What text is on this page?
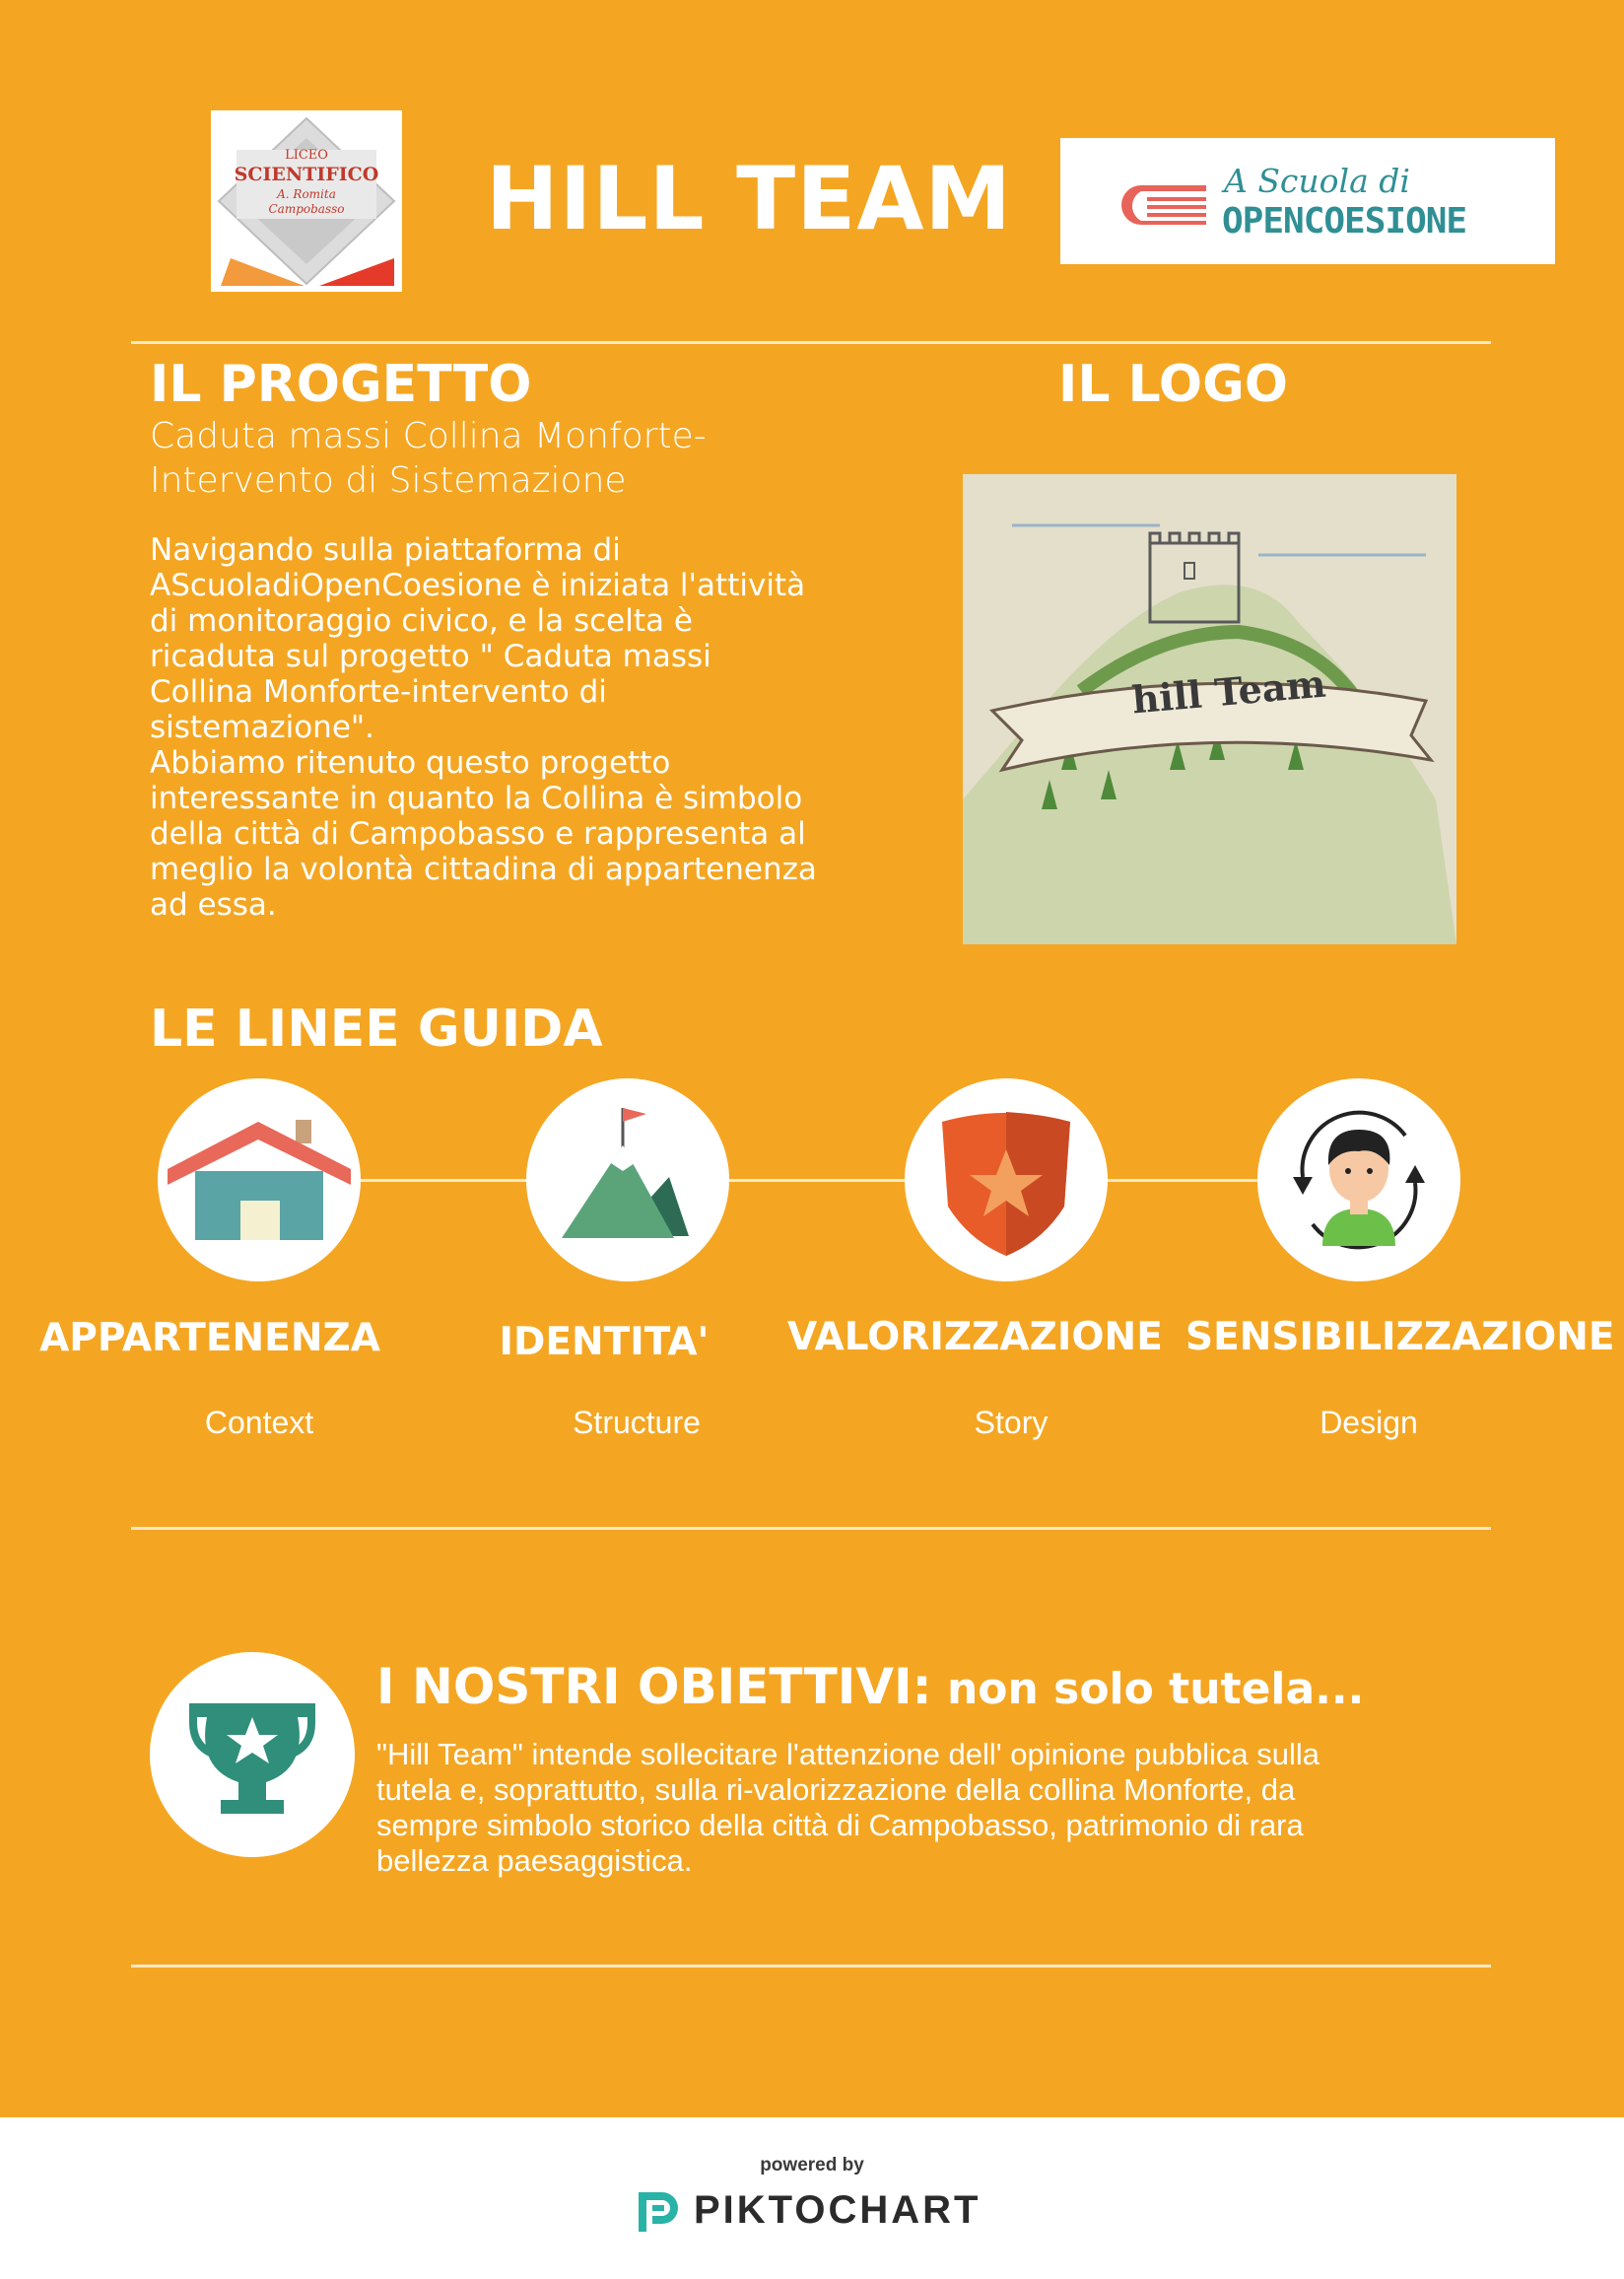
LICEO
SCIENTIFICO
A. Romita
Campobasso	HILL TEAM	A Scuola di
OPENCOESIONE
IL PROGETTO
Caduta massi Collina Monforte-
Intervento di Sistemazione
Navigando sulla piattaforma di AScuoladiOpenCoesione è iniziata l'attività di monitoraggio civico, e la scelta è ricaduta sul progetto " Caduta massi Collina Monforte-intervento di sistemazione".
Abbiamo ritenuto questo progetto interessante in quanto la Collina è simbolo della città di Campobasso e rappresenta al meglio la volontà cittadina di appartenenza ad essa.
IL LOGO
hill Team
LE LINEE GUIDA
APPARTENENZA	IDENTITA'	VALORIZZAZIONE SENSIBILIZZAZIONE
Context	Structure	Story	Design
I NOSTRI OBIETTIVI: non solo tutela...
"Hill Team" intende sollecitare l'attenzione dell' opinione pubblica sulla tutela e, soprattutto, sulla ri-valorizzazione della collina Monforte, da sempre simbolo storico della città di Campobasso, patrimonio di rara bellezza paesaggistica.
powered by
PIKTOCHART
